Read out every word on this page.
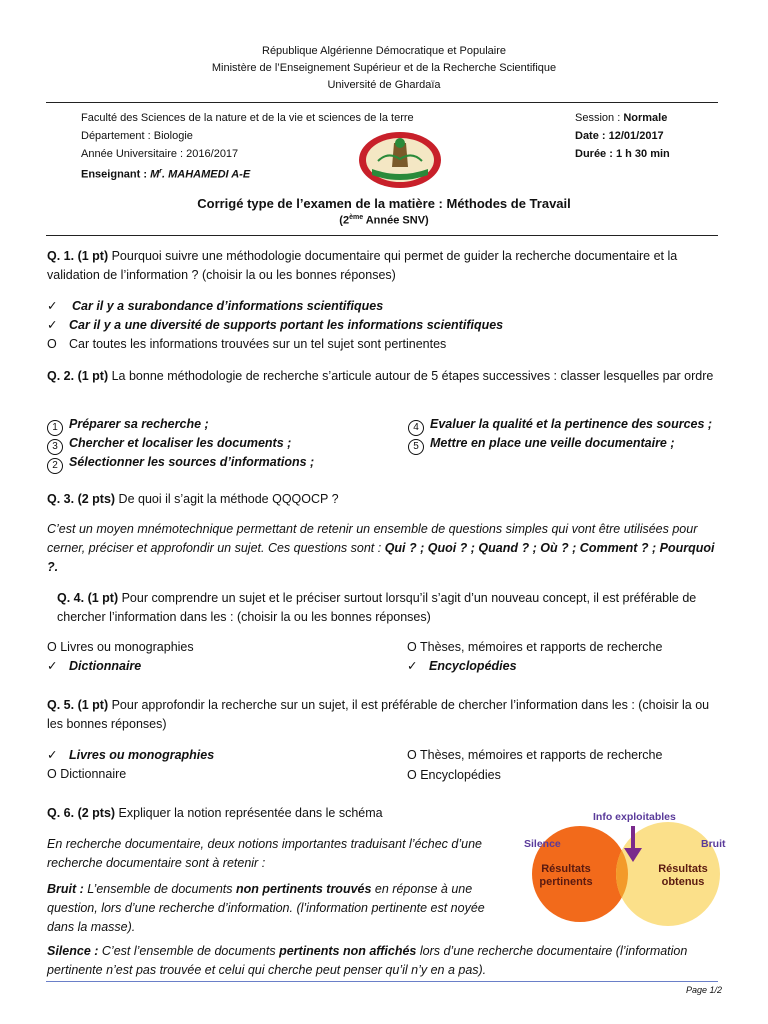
République Algérienne Démocratique et Populaire
Ministère de l’Enseignement Supérieur et de la Recherche Scientifique
Université de Ghardaïa
Faculté des Sciences de la nature et de la vie et sciences de la terre
Département : Biologie
Année Universitaire : 2016/2017
Enseignant : $M^r$. MAHAMEDI A-E
Session : Normale
Date : 12/01/2017
Durée : 1 h 30 min
Corrigé type de l’examen de la matière : Méthodes de Travail
(2ème Année SNV)
Q. 1. (1 pt) Pourquoi suivre une méthodologie documentaire qui permet de guider la recherche documentaire et la validation de l’information ? (choisir la ou les bonnes réponses)
✓ Car il y a surabondance d’informations scientifiques
✓ Car il y a une diversité de supports portant les informations scientifiques
O Car toutes les informations trouvées sur un tel sujet sont pertinentes
Q. 2. (1 pt) La bonne méthodologie de recherche s’articule autour de 5 étapes successives : classer lesquelles par ordre
1 Préparer sa recherche ;
3 Chercher et localiser les documents ;
2 Sélectionner les sources d’informations ;
4 Evaluer la qualité et la pertinence des sources ;
5 Mettre en place une veille documentaire ;
Q. 3. (2 pts) De quoi il s’agit la méthode QQQOCP ?
C’est un moyen mnémotechnique permettant de retenir un ensemble de questions simples qui vont être utilisées pour cerner, préciser et approfondir un sujet. Ces questions sont : Qui ? ; Quoi ? ; Quand ? ; Où ? ; Comment ? ; Pourquoi ?.
Q. 4. (1 pt) Pour comprendre un sujet et le préciser surtout lorsqu’il s’agit d’un nouveau concept, il est préférable de chercher l’information dans les : (choisir la ou les bonnes réponses)
O Livres ou monographies
✓ Dictionnaire
O Thèses, mémoires et rapports de recherche
✓ Encyclopédies
Q. 5. (1 pt) Pour approfondir la recherche sur un sujet, il est préférable de chercher l’information dans les : (choisir la ou les bonnes réponses)
✓ Livres ou monographies
O Dictionnaire
O Thèses, mémoires et rapports de recherche
O Encyclopédies
Q. 6. (2 pts) Expliquer la notion représentée dans le schéma
En recherche documentaire, deux notions importantes traduisant l’échec d’une recherche documentaire sont à retenir :
Bruit : L’ensemble de documents non pertinents trouvés en réponse à une question, lors d’une recherche d’information. (l’information pertinente est noyée dans la masse).
Silence : C’est l’ensemble de documents pertinents non affichés lors d’une recherche documentaire (l’information pertinente n’est pas trouvée et celui qui cherche peut penser qu’il n’y en a pas).
Info exploitables
Silence	Bruit
Résultats
pertinents
Résultats
obtenus
Page 1/2
